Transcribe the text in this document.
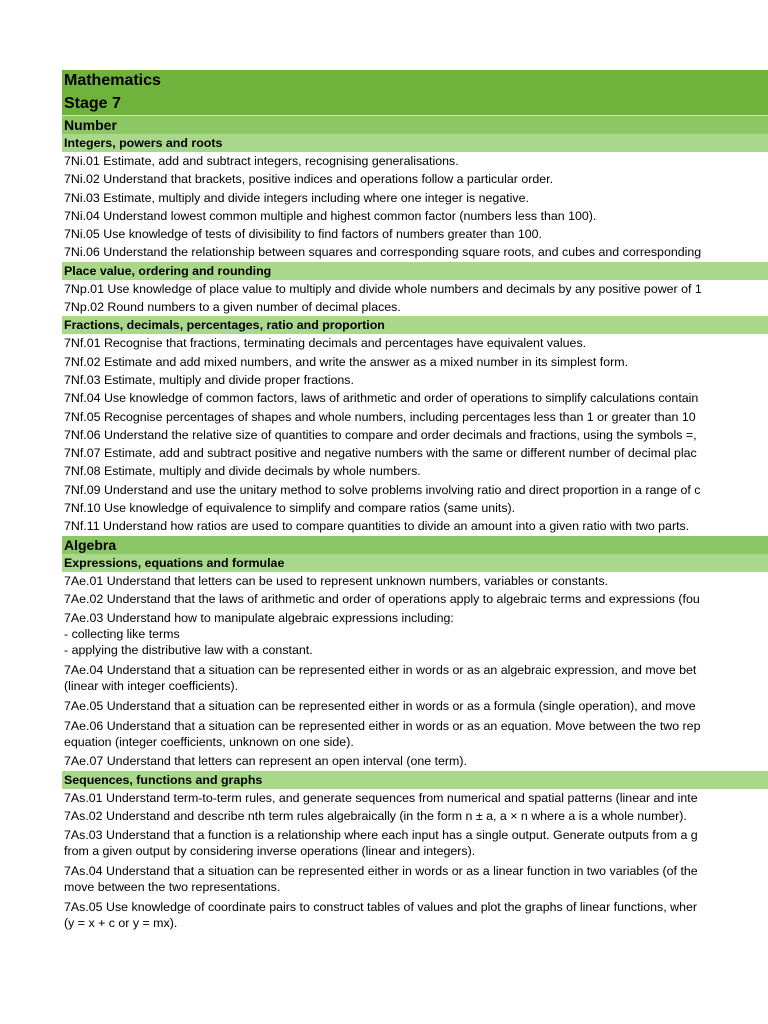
Mathematics
Stage 7
Number
Integers, powers and roots
7Ni.01 Estimate, add and subtract integers, recognising generalisations.
7Ni.02 Understand that brackets, positive indices and operations follow a particular order.
7Ni.03 Estimate, multiply and divide integers including where one integer is negative.
7Ni.04 Understand lowest common multiple and highest common factor (numbers less than 100).
7Ni.05 Use knowledge of tests of divisibility to find factors of numbers greater than 100.
7Ni.06 Understand the relationship between squares and corresponding square roots, and cubes and corresponding
Place value, ordering and rounding
7Np.01 Use knowledge of place value to multiply and divide whole numbers and decimals by any positive power of 1
7Np.02 Round numbers to a given number of decimal places.
Fractions, decimals, percentages, ratio and proportion
7Nf.01 Recognise that fractions, terminating decimals and percentages have equivalent values.
7Nf.02 Estimate and add mixed numbers, and write the answer as a mixed number in its simplest form.
7Nf.03 Estimate, multiply and divide proper fractions.
7Nf.04 Use knowledge of common factors, laws of arithmetic and order of operations to simplify calculations contain
7Nf.05 Recognise percentages of shapes and whole numbers, including percentages less than 1 or greater than 10
7Nf.06 Understand the relative size of quantities to compare and order decimals and fractions, using the symbols =,
7Nf.07 Estimate, add and subtract positive and negative numbers with the same or different number of decimal plac
7Nf.08 Estimate, multiply and divide decimals by whole numbers.
7Nf.09 Understand and use the unitary method to solve problems involving ratio and direct proportion in a range of c
7Nf.10 Use knowledge of equivalence to simplify and compare ratios (same units).
7Nf.11 Understand how ratios are used to compare quantities to divide an amount into a given ratio with two parts.
Algebra
Expressions, equations and formulae
7Ae.01 Understand that letters can be used to represent unknown numbers, variables or constants.
7Ae.02 Understand that the laws of arithmetic and order of operations apply to algebraic terms and expressions (fou
7Ae.03 Understand how to manipulate algebraic expressions including:
- collecting like terms
- applying the distributive law with a constant.
7Ae.04 Understand that a situation can be represented either in words or as an algebraic expression, and move bet
(linear with integer coefficients).
7Ae.05 Understand that a situation can be represented either in words or as a formula (single operation), and move

7Ae.06 Understand that a situation can be represented either in words or as an equation. Move between the two rep
equation (integer coefficients, unknown on one side).
7Ae.07 Understand that letters can represent an open interval (one term).
Sequences, functions and graphs
7As.01 Understand term-to-term rules, and generate sequences from numerical and spatial patterns (linear and inte
7As.02 Understand and describe nth term rules algebraically (in the form n ± a, a × n where a is a whole number).
7As.03 Understand that a function is a relationship where each input has a single output. Generate outputs from a g
from a given output by considering inverse operations (linear and integers).
7As.04 Understand that a situation can be represented either in words or as a linear function in two variables (of the
move between the two representations.
7As.05 Use knowledge of coordinate pairs to construct tables of values and plot the graphs of linear functions, wher
(y = x + c or y = mx).
